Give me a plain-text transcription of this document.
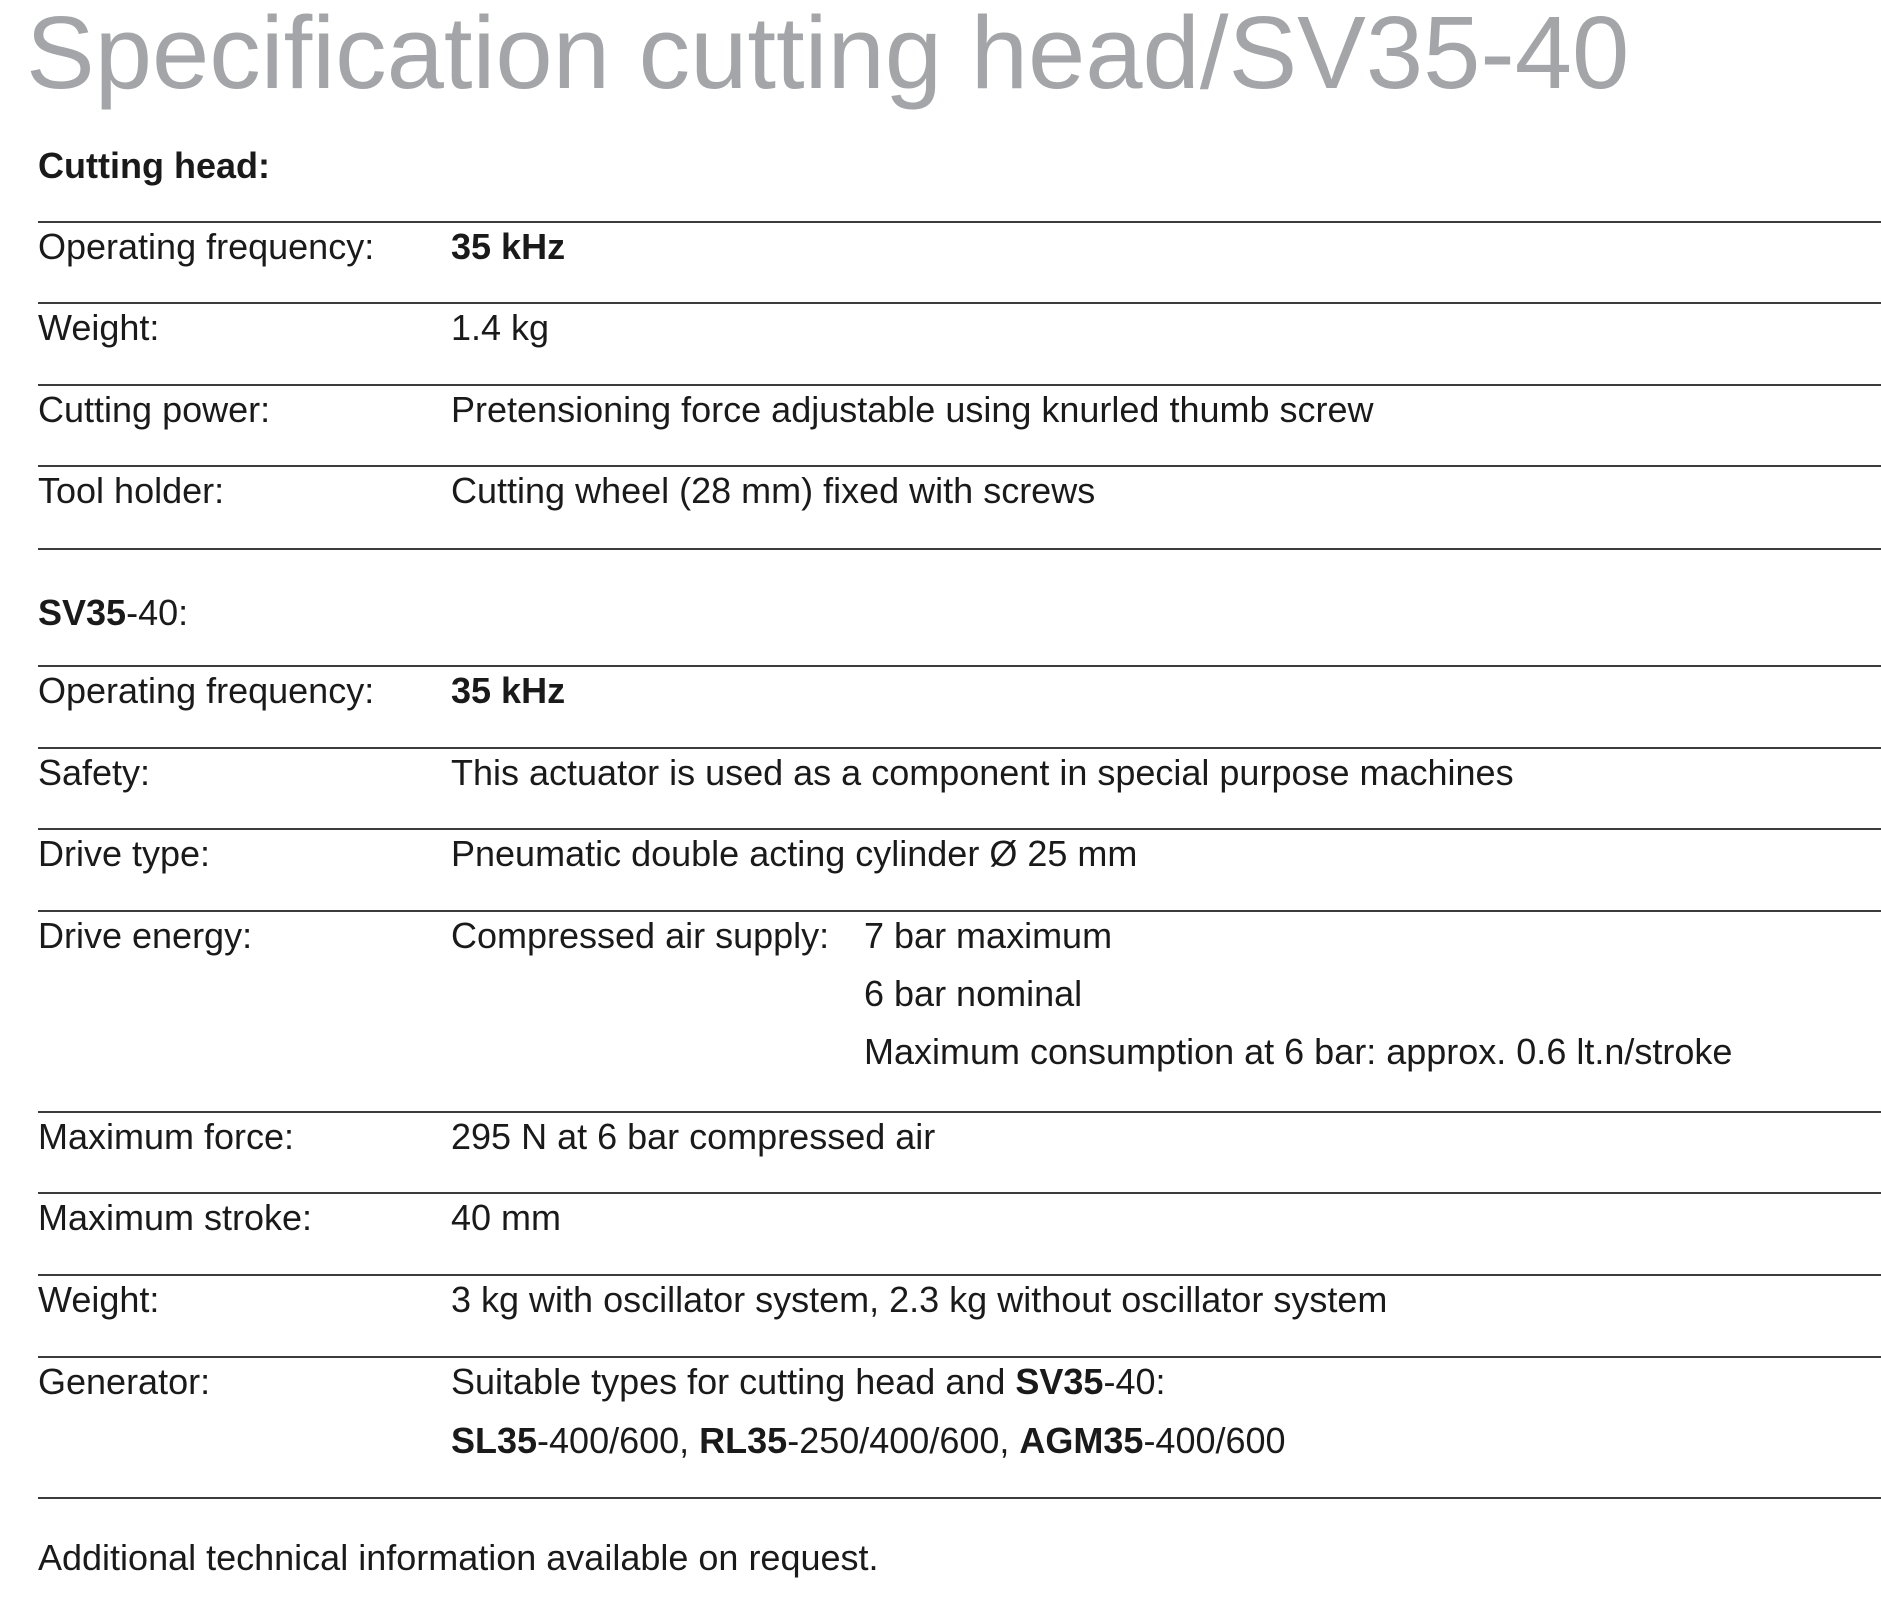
Specification cutting head/SV35-40
Cutting head:
Operating frequency: 35 kHz
Weight:	1.4 kg
Cutting power:	Pretensioning force adjustable using knurled thumb screw
Tool holder:	Cutting wheel (28 mm) fixed with screws
SV35-40:
Operating frequency: 35 kHz
Safety:	This actuator is used as a component in special purpose machines
Drive type:	Pneumatic double acting cylinder Ø 25 mm
Drive energy:	Compressed air supply: 7 bar maximum
6 bar nominal
Maximum consumption at 6 bar: approx. 0.6 lt.n/stroke
Maximum force:	295 N at 6 bar compressed air
Maximum stroke:	40 mm
Weight:	3 kg with oscillator system, 2.3 kg without oscillator system
Generator:	Suitable types for cutting head and SV35-40:
SL35-400/600, RL35-250/400/600, AGM35-400/600
Additional technical information available on request.
